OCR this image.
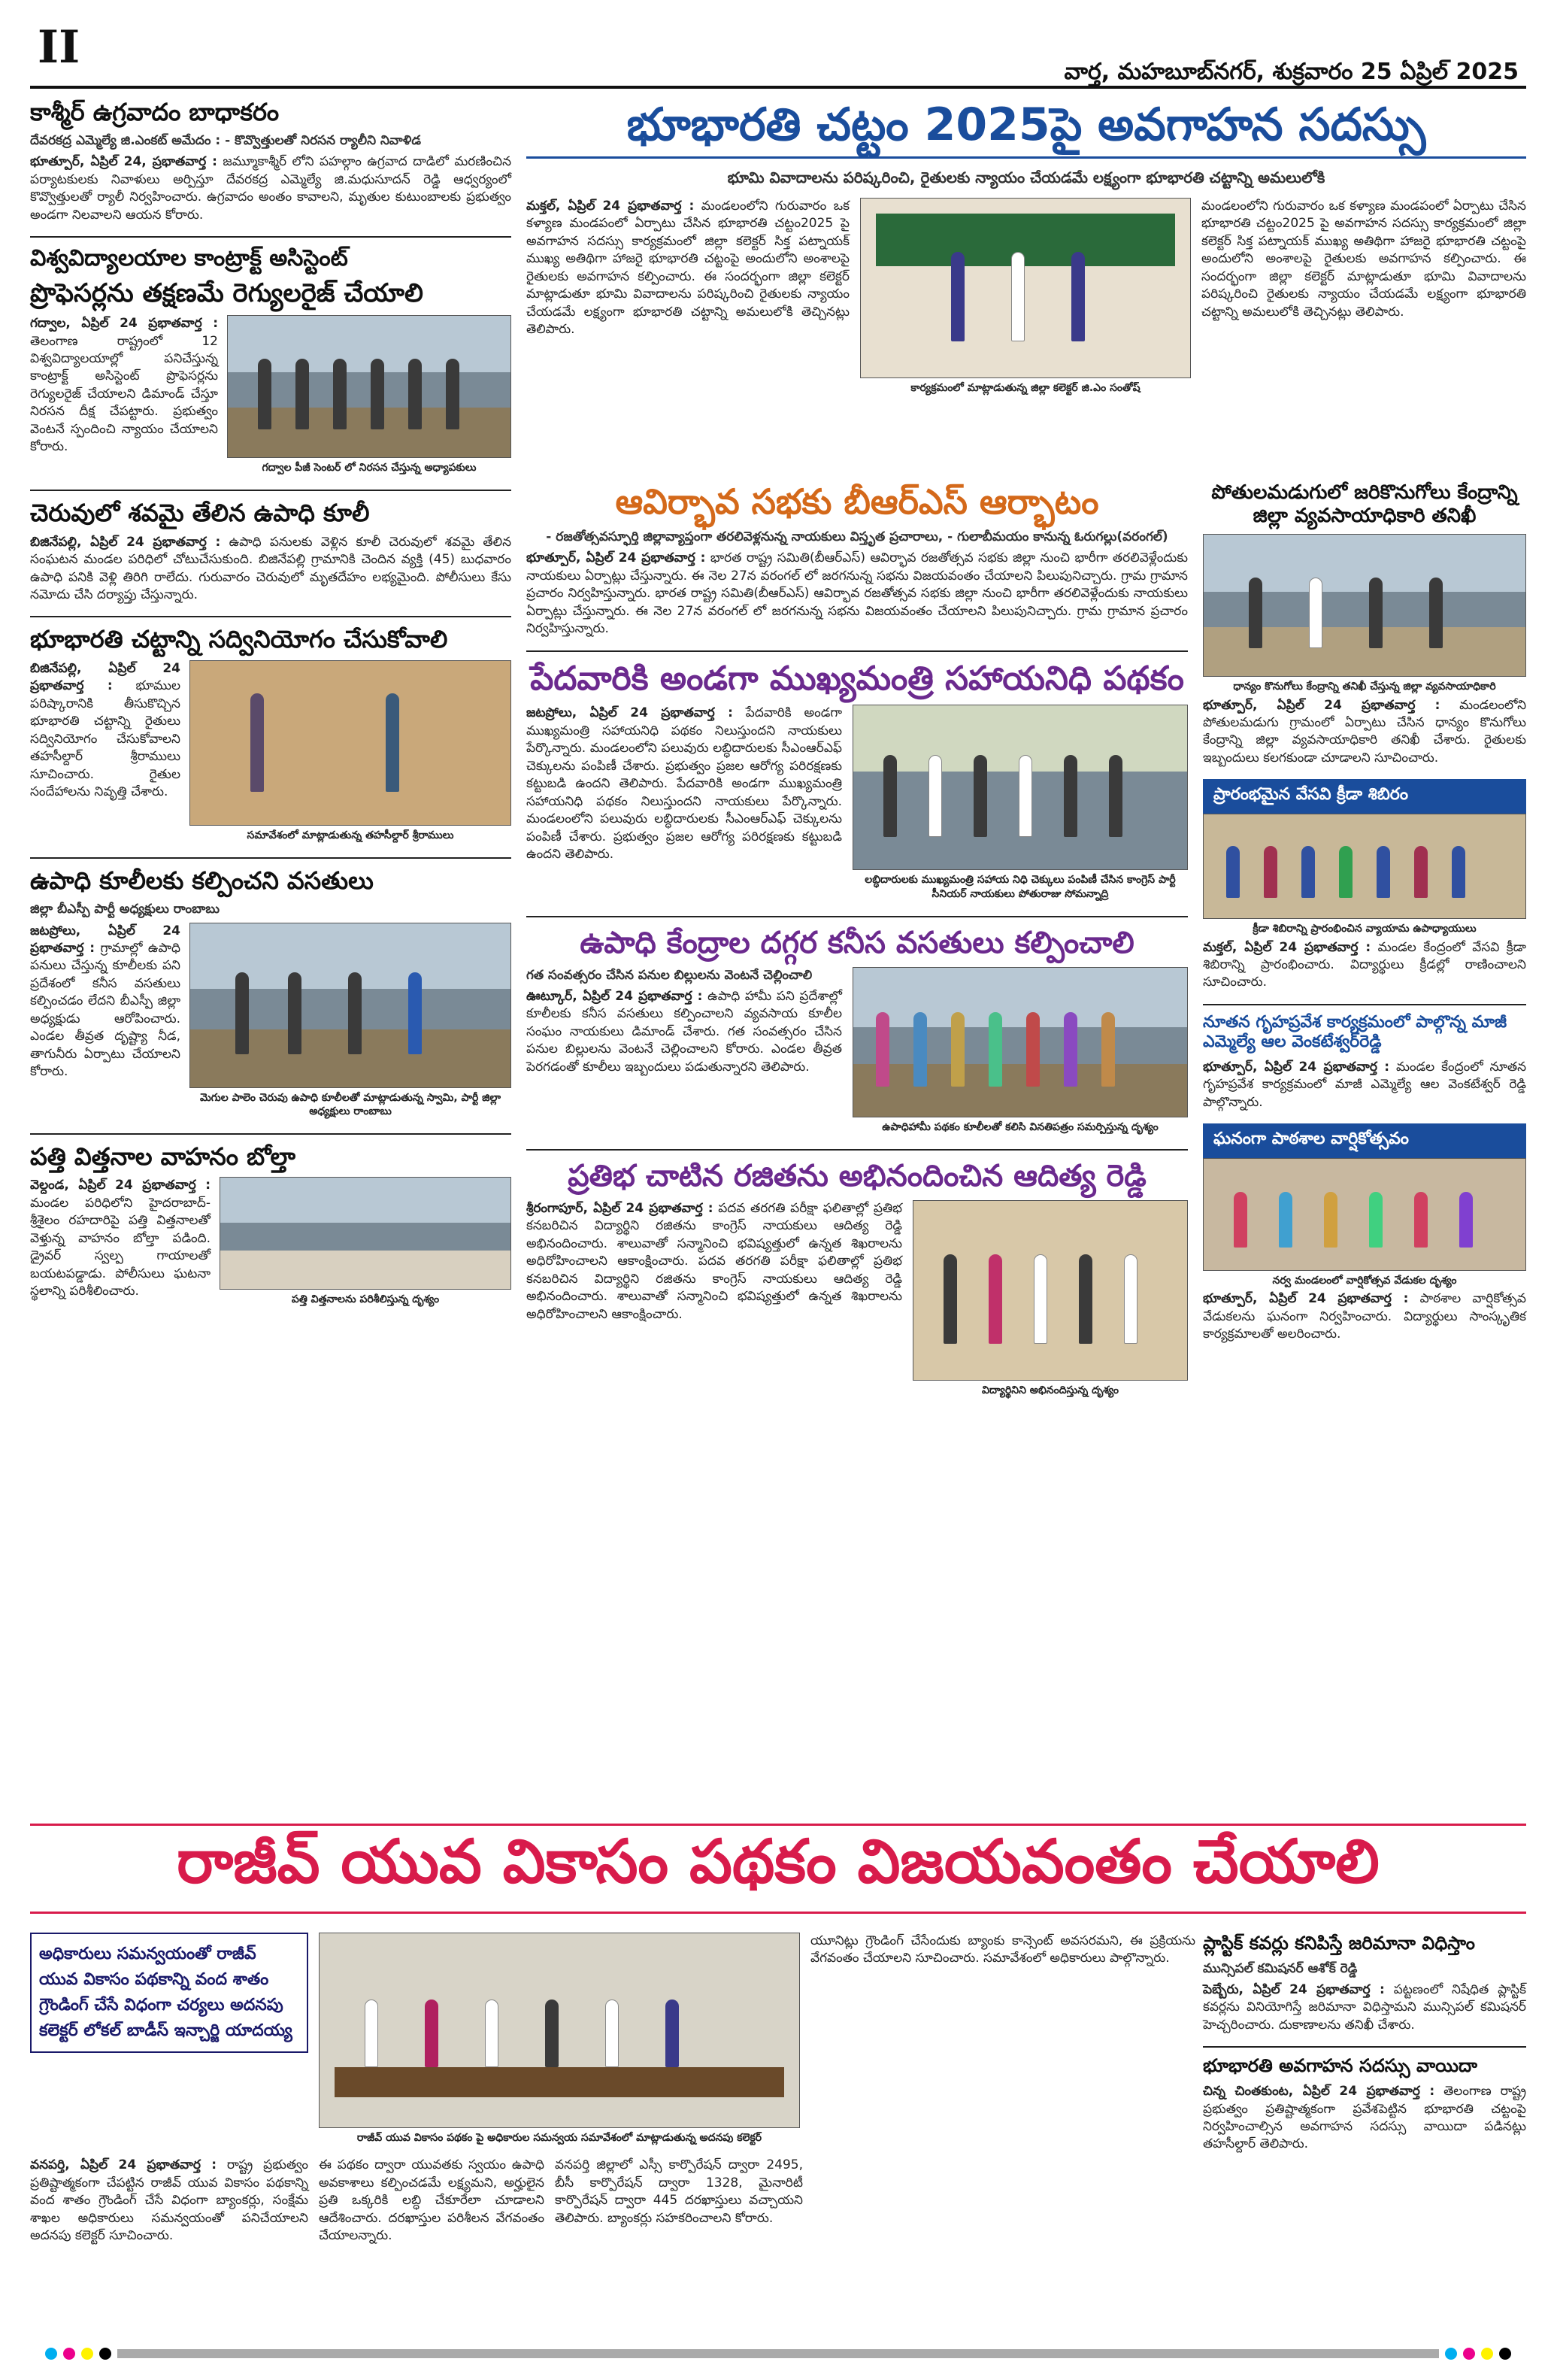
II	వార్త, మహబూబ్‌నగర్, శుక్రవారం 25 ఏప్రిల్ 2025
కాశ్మీర్ ఉగ్రవాదం బాధాకరం
దేవరకద్ర ఎమ్మెల్యే జి.ఎంకట్ అమేదం : - కొవ్వొత్తులతో నిరసన ర్యాలీని నివాళిడ
భూత్పూర్, ఏప్రిల్ 24, ప్రభాతవార్త : జమ్మూకాశ్మీర్ లోని పహల్గాం ఉగ్రవాద దాడిలో మరణించిన పర్యాటకులకు నివాళులు అర్పిస్తూ దేవరకద్ర ఎమ్మెల్యే జి.మధుసూదన్ రెడ్డి ఆధ్వర్యంలో కొవ్వొత్తులతో ర్యాలీ నిర్వహించారు. ఉగ్రవాదం అంతం కావాలని, మృతుల కుటుంబాలకు ప్రభుత్వం అండగా నిలవాలని ఆయన కోరారు.
విశ్వవిద్యాలయాల కాంట్రాక్ట్ అసిస్టెంట్
ప్రొఫెసర్లను తక్షణమే రెగ్యులరైజ్ చేయాలి
గద్వాల, ఏప్రిల్ 24 ప్రభాతవార్త : తెలంగాణ రాష్ట్రంలో 12 విశ్వవిద్యాలయాల్లో పనిచేస్తున్న కాంట్రాక్ట్ అసిస్టెంట్ ప్రొఫెసర్లను రెగ్యులరైజ్ చేయాలని డిమాండ్ చేస్తూ నిరసన దీక్ష చేపట్టారు. ప్రభుత్వం వెంటనే స్పందించి న్యాయం చేయాలని కోరారు.
గద్వాల పీజీ సెంటర్ లో నిరసన చేస్తున్న అధ్యాపకులు
చెరువులో శవమై తేలిన ఉపాధి కూలీ
బిజినేపల్లి, ఏప్రిల్ 24 ప్రభాతవార్త : ఉపాధి పనులకు వెళ్లిన కూలీ చెరువులో శవమై తేలిన సంఘటన మండల పరిధిలో చోటుచేసుకుంది. బిజినేపల్లి గ్రామానికి చెందిన వ్యక్తి (45) బుధవారం ఉపాధి పనికి వెళ్లి తిరిగి రాలేదు. గురువారం చెరువులో మృతదేహం లభ్యమైంది. పోలీసులు కేసు నమోదు చేసి దర్యాప్తు చేస్తున్నారు.
భూభారతి చట్టాన్ని సద్వినియోగం చేసుకోవాలి
బిజినేపల్లి, ఏప్రిల్ 24 ప్రభాతవార్త : భూముల పరిష్కారానికి తీసుకొచ్చిన భూభారతి చట్టాన్ని రైతులు సద్వినియోగం చేసుకోవాలని తహసీల్దార్ శ్రీరాములు సూచించారు. రైతుల సందేహాలను నివృత్తి చేశారు.
సమావేశంలో మాట్లాడుతున్న తహసీల్దార్ శ్రీరాములు
ఉపాధి కూలీలకు కల్పించని వసతులు
జిల్లా బీఎస్పీ పార్టీ అధ్యక్షులు రాంబాబు
జటప్రోలు, ఏప్రిల్ 24 ప్రభాతవార్త : గ్రామాల్లో ఉపాధి పనులు చేస్తున్న కూలీలకు పని ప్రదేశంలో కనీస వసతులు కల్పించడం లేదని బీఎస్పీ జిల్లా అధ్యక్షుడు ఆరోపించారు. ఎండల తీవ్రత దృష్ట్యా నీడ, తాగునీరు ఏర్పాటు చేయాలని కోరారు.
మెగుల పాలెం చెరువు ఉపాధి కూలీలతో మాట్లాడుతున్న స్వామి, పార్టీ జిల్లా అధ్యక్షులు రాంబాబు
పత్తి విత్తనాల వాహనం బోల్తా
వెల్దండ, ఏప్రిల్ 24 ప్రభాతవార్త : మండల పరిధిలోని హైదరాబాద్-శ్రీశైలం రహదారిపై పత్తి విత్తనాలతో వెళ్తున్న వాహనం బోల్తా పడింది. డ్రైవర్ స్వల్ప గాయాలతో బయటపడ్డాడు. పోలీసులు ఘటనా స్థలాన్ని పరిశీలించారు.
పత్తి విత్తనాలను పరిశీలిస్తున్న దృశ్యం
భూభారతి చట్టం 2025పై అవగాహన సదస్సు
భూమి వివాదాలను పరిష్కరించి, రైతులకు న్యాయం చేయడమే లక్ష్యంగా భూభారతి చట్టాన్ని అమలులోకి
మక్తల్, ఏప్రిల్ 24 ప్రభాతవార్త : మండలంలోని గురువారం ఒక కళ్యాణ మండపంలో ఏర్పాటు చేసిన భూభారతి చట్టం2025 పై అవగాహన సదస్సు కార్యక్రమంలో జిల్లా కలెక్టర్ సిక్త పట్నాయక్ ముఖ్య అతిథిగా హాజరై భూభారతి చట్టంపై అందులోని అంశాలపై రైతులకు అవగాహన కల్పించారు. ఈ సందర్భంగా జిల్లా కలెక్టర్ మాట్లాడుతూ భూమి వివాదాలను పరిష్కరించి రైతులకు న్యాయం చేయడమే లక్ష్యంగా భూభారతి చట్టాన్ని అమలులోకి తెచ్చినట్లు తెలిపారు.
కార్యక్రమంలో మాట్లాడుతున్న జిల్లా కలెక్టర్ జి.ఎం సంతోష్
మండలంలోని గురువారం ఒక కళ్యాణ మండపంలో ఏర్పాటు చేసిన భూభారతి చట్టం2025 పై అవగాహన సదస్సు కార్యక్రమంలో జిల్లా కలెక్టర్ సిక్త పట్నాయక్ ముఖ్య అతిథిగా హాజరై భూభారతి చట్టంపై అందులోని అంశాలపై రైతులకు అవగాహన కల్పించారు. ఈ సందర్భంగా జిల్లా కలెక్టర్ మాట్లాడుతూ భూమి వివాదాలను పరిష్కరించి రైతులకు న్యాయం చేయడమే లక్ష్యంగా భూభారతి చట్టాన్ని అమలులోకి తెచ్చినట్లు తెలిపారు.
ఆవిర్భావ సభకు బీఆర్ఎస్ ఆర్భాటం
- రజతోత్సవస్ఫూర్తి జిల్లావ్యాప్తంగా తరలివెళ్లనున్న నాయకులు విస్తృత ప్రచారాలు, - గులాబీమయం కానున్న ఓరుగల్లు(వరంగల్)
భూత్పూర్, ఏప్రిల్ 24 ప్రభాతవార్త : భారత రాష్ట్ర సమితి(బీఆర్ఎస్) ఆవిర్భావ రజతోత్సవ సభకు జిల్లా నుంచి భారీగా తరలివెళ్లేందుకు నాయకులు ఏర్పాట్లు చేస్తున్నారు. ఈ నెల 27న వరంగల్ లో జరగనున్న సభను విజయవంతం చేయాలని పిలుపునిచ్చారు. గ్రామ గ్రామాన ప్రచారం నిర్వహిస్తున్నారు. భారత రాష్ట్ర సమితి(బీఆర్ఎస్) ఆవిర్భావ రజతోత్సవ సభకు జిల్లా నుంచి భారీగా తరలివెళ్లేందుకు నాయకులు ఏర్పాట్లు చేస్తున్నారు. ఈ నెల 27న వరంగల్ లో జరగనున్న సభను విజయవంతం చేయాలని పిలుపునిచ్చారు. గ్రామ గ్రామాన ప్రచారం నిర్వహిస్తున్నారు.
పేదవారికి అండగా ముఖ్యమంత్రి సహాయనిధి పథకం
జటప్రోలు, ఏప్రిల్ 24 ప్రభాతవార్త : పేదవారికి అండగా ముఖ్యమంత్రి సహాయనిధి పథకం నిలుస్తుందని నాయకులు పేర్కొన్నారు. మండలంలోని పలువురు లబ్ధిదారులకు సీఎంఆర్ఎఫ్ చెక్కులను పంపిణీ చేశారు. ప్రభుత్వం ప్రజల ఆరోగ్య పరిరక్షణకు కట్టుబడి ఉందని తెలిపారు. పేదవారికి అండగా ముఖ్యమంత్రి సహాయనిధి పథకం నిలుస్తుందని నాయకులు పేర్కొన్నారు. మండలంలోని పలువురు లబ్ధిదారులకు సీఎంఆర్ఎఫ్ చెక్కులను పంపిణీ చేశారు. ప్రభుత్వం ప్రజల ఆరోగ్య పరిరక్షణకు కట్టుబడి ఉందని తెలిపారు.
లబ్ధిదారులకు ముఖ్యమంత్రి సహాయ నిధి చెక్కులు పంపిణీ చేసిన కాంగ్రెస్ పార్టీ సీనియర్ నాయకులు పోతురాజు సోమన్నాద్రి
ఉపాధి కేంద్రాల దగ్గర కనీస వసతులు కల్పించాలి
గత సంవత్సరం చేసిన పనుల బిల్లులను వెంటనే చెల్లించాలి
ఊట్కూర్, ఏప్రిల్ 24 ప్రభాతవార్త : ఉపాధి హామీ పని ప్రదేశాల్లో కూలీలకు కనీస వసతులు కల్పించాలని వ్యవసాయ కూలీల సంఘం నాయకులు డిమాండ్ చేశారు. గత సంవత్సరం చేసిన పనుల బిల్లులను వెంటనే చెల్లించాలని కోరారు. ఎండల తీవ్రత పెరగడంతో కూలీలు ఇబ్బందులు పడుతున్నారని తెలిపారు.
ఉపాధిహామీ పథకం కూలీలతో కలిసి వినతిపత్రం సమర్పిస్తున్న దృశ్యం
ప్రతిభ చాటిన రజితను అభినందించిన ఆదిత్య రెడ్డి
శ్రీరంగాపూర్, ఏప్రిల్ 24 ప్రభాతవార్త : పదవ తరగతి పరీక్షా ఫలితాల్లో ప్రతిభ కనబరిచిన విద్యార్థిని రజితను కాంగ్రెస్ నాయకులు ఆదిత్య రెడ్డి అభినందించారు. శాలువాతో సన్మానించి భవిష్యత్తులో ఉన్నత శిఖరాలను అధిరోహించాలని ఆకాంక్షించారు. పదవ తరగతి పరీక్షా ఫలితాల్లో ప్రతిభ కనబరిచిన విద్యార్థిని రజితను కాంగ్రెస్ నాయకులు ఆదిత్య రెడ్డి అభినందించారు. శాలువాతో సన్మానించి భవిష్యత్తులో ఉన్నత శిఖరాలను అధిరోహించాలని ఆకాంక్షించారు.
విద్యార్థినిని అభినందిస్తున్న దృశ్యం
పోతులమడుగులో జరికొనుగోలు కేంద్రాన్ని జిల్లా వ్యవసాయాధికారి తనిఖీ
ధాన్యం కొనుగోలు కేంద్రాన్ని తనిఖీ చేస్తున్న జిల్లా వ్యవసాయాధికారి
భూత్పూర్, ఏప్రిల్ 24 ప్రభాతవార్త : మండలంలోని పోతులమడుగు గ్రామంలో ఏర్పాటు చేసిన ధాన్యం కొనుగోలు కేంద్రాన్ని జిల్లా వ్యవసాయాధికారి తనిఖీ చేశారు. రైతులకు ఇబ్బందులు కలగకుండా చూడాలని సూచించారు.
ప్రారంభమైన వేసవి క్రీడా శిబిరం
క్రీడా శిబిరాన్ని ప్రారంభించిన వ్యాయామ ఉపాధ్యాయులు
మక్తల్, ఏప్రిల్ 24 ప్రభాతవార్త : మండల కేంద్రంలో వేసవి క్రీడా శిబిరాన్ని ప్రారంభించారు. విద్యార్థులు క్రీడల్లో రాణించాలని సూచించారు.
నూతన గృహప్రవేశ కార్యక్రమంలో పాల్గొన్న మాజీ ఎమ్మెల్యే ఆల వెంకటేశ్వర్‌రెడ్డి
భూత్పూర్, ఏప్రిల్ 24 ప్రభాతవార్త : మండల కేంద్రంలో నూతన గృహప్రవేశ కార్యక్రమంలో మాజీ ఎమ్మెల్యే ఆల వెంకటేశ్వర్ రెడ్డి పాల్గొన్నారు.
ఘనంగా పాఠశాల వార్షికోత్సవం
నర్వ మండలంలో వార్షికోత్సవ వేడుకల దృశ్యం
భూత్పూర్, ఏప్రిల్ 24 ప్రభాతవార్త : పాఠశాల వార్షికోత్సవ వేడుకలను ఘనంగా నిర్వహించారు. విద్యార్థులు సాంస్కృతిక కార్యక్రమాలతో అలరించారు.
రాజీవ్ యువ వికాసం పథకం విజయవంతం చేయాలి
అధికారులు సమన్వయంతో రాజీవ్ యువ వికాసం పథకాన్ని వంద శాతం గ్రౌండింగ్ చేసే విధంగా చర్యలు అదనపు కలెక్టర్ లోకల్ బాడీస్ ఇన్చార్జి యాదయ్య
రాజీవ్ యువ వికాసం పథకం పై అధికారుల సమన్వయ సమావేశంలో మాట్లాడుతున్న అదనపు కలెక్టర్
యూనిట్లు గ్రౌండింగ్ చేసేందుకు బ్యాంకు కాన్సెంట్ అవసరమని, ఈ ప్రక్రియను వేగవంతం చేయాలని సూచించారు. సమావేశంలో అధికారులు పాల్గొన్నారు.
వనపర్తి, ఏప్రిల్ 24 ప్రభాతవార్త : రాష్ట్ర ప్రభుత్వం ప్రతిష్టాత్మకంగా చేపట్టిన రాజీవ్ యువ వికాసం పథకాన్ని వంద శాతం గ్రౌండింగ్ చేసే విధంగా బ్యాంకర్లు, సంక్షేమ శాఖల అధికారులు సమన్వయంతో పనిచేయాలని అదనపు కలెక్టర్ సూచించారు.
ఈ పథకం ద్వారా యువతకు స్వయం ఉపాధి అవకాశాలు కల్పించడమే లక్ష్యమని, అర్హులైన ప్రతి ఒక్కరికి లబ్ధి చేకూరేలా చూడాలని ఆదేశించారు. దరఖాస్తుల పరిశీలన వేగవంతం చేయాలన్నారు.
వనపర్తి జిల్లాలో ఎస్సీ కార్పొరేషన్ ద్వారా 2495, బీసీ కార్పొరేషన్ ద్వారా 1328, మైనారిటీ కార్పొరేషన్ ద్వారా 445 దరఖాస్తులు వచ్చాయని తెలిపారు. బ్యాంకర్లు సహకరించాలని కోరారు.
ప్లాస్టిక్ కవర్లు కనిపిస్తే జరిమానా విధిస్తాం
మున్సిపల్ కమిషనర్ ఆశోక్ రెడ్డి
పెబ్బేరు, ఏప్రిల్ 24 ప్రభాతవార్త : పట్టణంలో నిషేధిత ప్లాస్టిక్ కవర్లను వినియోగిస్తే జరిమానా విధిస్తామని మున్సిపల్ కమిషనర్ హెచ్చరించారు. దుకాణాలను తనిఖీ చేశారు.
భూభారతి అవగాహన సదస్సు వాయిదా
చిన్న చింతకుంట, ఏప్రిల్ 24 ప్రభాతవార్త : తెలంగాణ రాష్ట్ర ప్రభుత్వం ప్రతిష్టాత్మకంగా ప్రవేశపెట్టిన భూభారతి చట్టంపై నిర్వహించాల్సిన అవగాహన సదస్సు వాయిదా పడినట్లు తహసీల్దార్ తెలిపారు.
